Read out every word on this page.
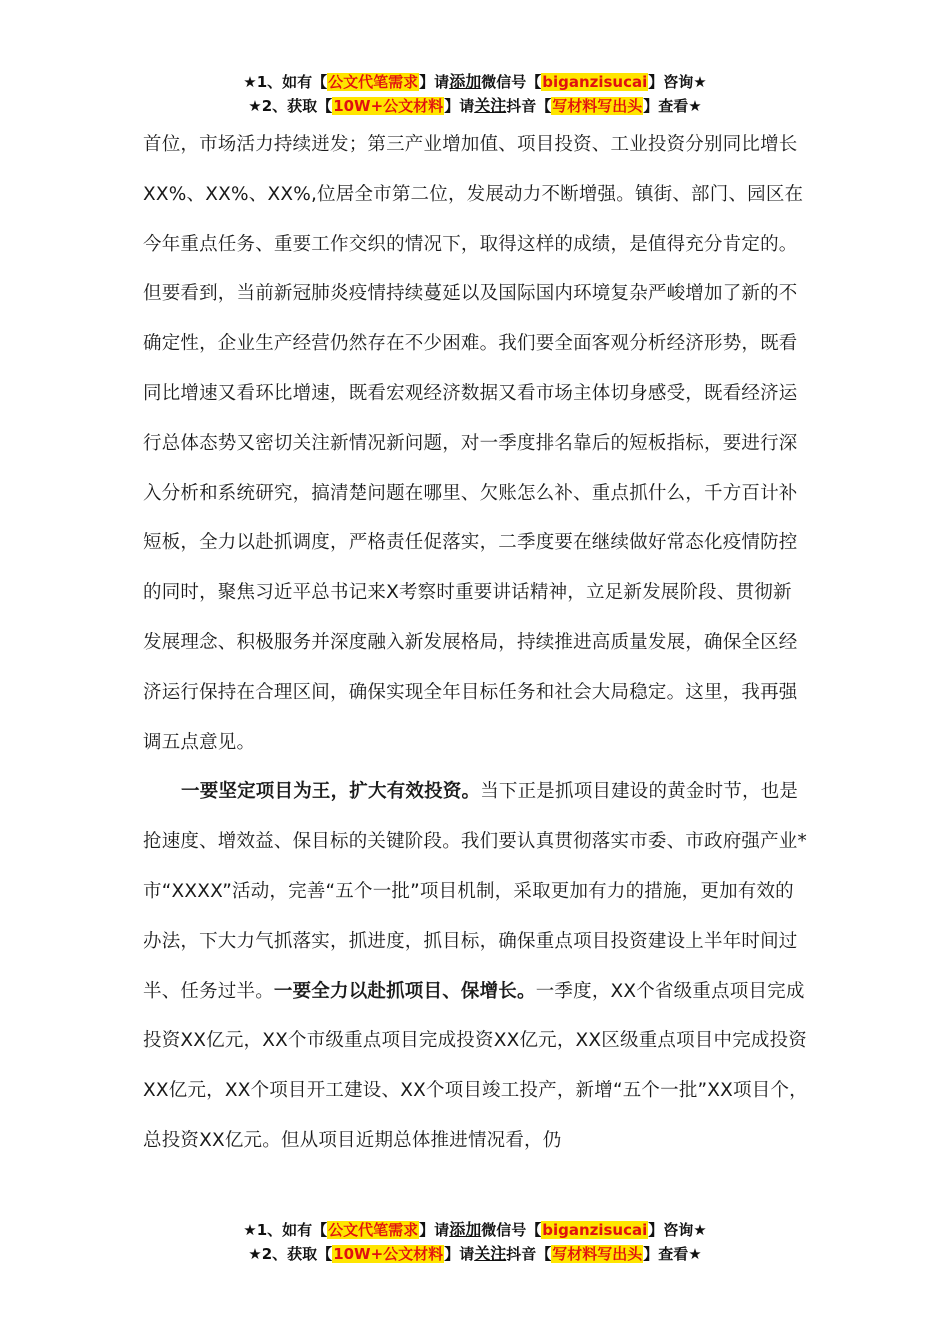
★1、如有【公文代笔需求】请添加微信号【biganzisucai】咨询★
★2、获取【10W+公文材料】请关注抖音【写材料写出头】查看★

首位，市场活力持续迸发；第三产业增加值、项目投资、工业投资分别同比增长XX%、XX%、XX%,位居全市第二位，发展动力不断增强。镇街、部门、园区在今年重点任务、重要工作交织的情况下，取得这样的成绩，是值得充分肯定的。但要看到，当前新冠肺炎疫情持续蔓延以及国际国内环境复杂严峻增加了新的不确定性，企业生产经营仍然存在不少困难。我们要全面客观分析经济形势，既看同比增速又看环比增速，既看宏观经济数据又看市场主体切身感受，既看经济运行总体态势又密切关注新情况新问题，对一季度排名靠后的短板指标，要进行深入分析和系统研究，搞清楚问题在哪里、欠账怎么补、重点抓什么，千方百计补短板，全力以赴抓调度，严格责任促落实，二季度要在继续做好常态化疫情防控的同时，聚焦习近平总书记来X考察时重要讲话精神，立足新发展阶段、贯彻新发展理念、积极服务并深度融入新发展格局，持续推进高质量发展，确保全区经济运行保持在合理区间，确保实现全年目标任务和社会大局稳定。这里，我再强调五点意见。

一要坚定项目为王，扩大有效投资。当下正是抓项目建设的黄金时节，也是抢速度、增效益、保目标的关键阶段。我们要认真贯彻落实市委、市政府强产业*市“XXXX”活动，完善“五个一批”项目机制，采取更加有力的措施，更加有效的办法，下大力气抓落实，抓进度，抓目标，确保重点项目投资建设上半年时间过半、任务过半。一要全力以赴抓项目、保增长。一季度，XX个省级重点项目完成投资XX亿元，XX个市级重点项目完成投资XX亿元，XX区级重点项目中完成投资XX亿元，XX个项目开工建设、XX个项目竣工投产，新增“五个一批”XX项目个，总投资XX亿元。但从项目近期总体推进情况看，仍

★1、如有【公文代笔需求】请添加微信号【biganzisucai】咨询★
★2、获取【10W+公文材料】请关注抖音【写材料写出头】查看★
